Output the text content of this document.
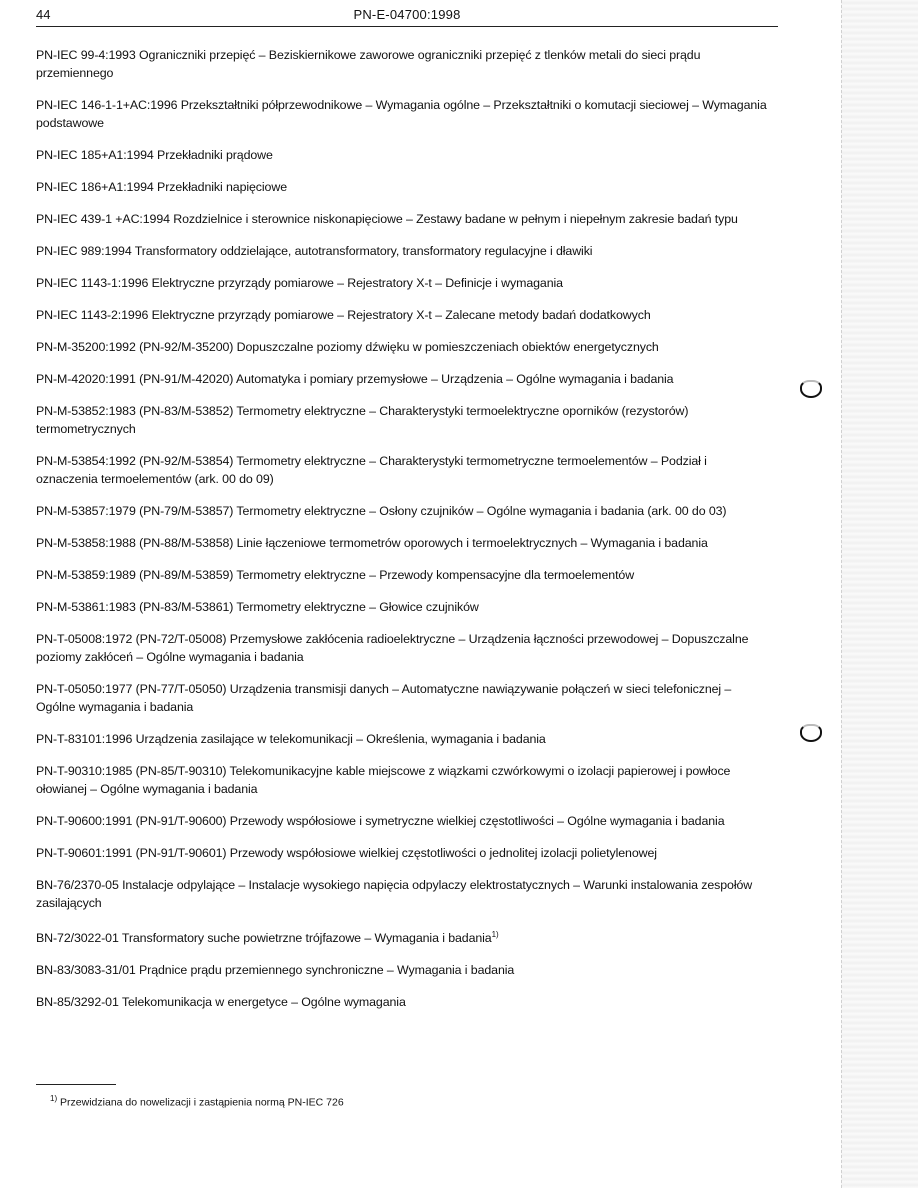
44	PN-E-04700:1998
PN-IEC 99-4:1993 Ograniczniki przepięć – Beziskiernikowe zaworowe ograniczniki przepięć z tlenków metali do sieci prądu przemiennego
PN-IEC 146-1-1+AC:1996 Przekształtniki półprzewodnikowe – Wymagania ogólne – Przekształtniki o komutacji sieciowej – Wymagania podstawowe
PN-IEC 185+A1:1994 Przekładniki prądowe
PN-IEC 186+A1:1994 Przekładniki napięciowe
PN-IEC 439-1 +AC:1994 Rozdzielnice i sterownice niskonapięciowe – Zestawy badane w pełnym i niepełnym zakresie badań typu
PN-IEC 989:1994 Transformatory oddzielające, autotransformatory, transformatory regulacyjne i dławiki
PN-IEC 1143-1:1996 Elektryczne przyrządy pomiarowe – Rejestratory X-t – Definicje i wymagania
PN-IEC 1143-2:1996 Elektryczne przyrządy pomiarowe – Rejestratory X-t – Zalecane metody badań dodatkowych
PN-M-35200:1992 (PN-92/M-35200) Dopuszczalne poziomy dźwięku w pomieszczeniach obiektów energetycznych
PN-M-42020:1991 (PN-91/M-42020) Automatyka i pomiary przemysłowe – Urządzenia – Ogólne wymagania i badania
PN-M-53852:1983 (PN-83/M-53852) Termometry elektryczne – Charakterystyki termoelektryczne oporników (rezystorów) termometrycznych
PN-M-53854:1992 (PN-92/M-53854) Termometry elektryczne – Charakterystyki termometryczne termoelementów – Podział i oznaczenia termoelementów (ark. 00 do 09)
PN-M-53857:1979 (PN-79/M-53857) Termometry elektryczne – Osłony czujników – Ogólne wymagania i badania (ark. 00 do 03)
PN-M-53858:1988 (PN-88/M-53858) Linie łączeniowe termometrów oporowych i termoelektrycznych – Wymagania i badania
PN-M-53859:1989 (PN-89/M-53859) Termometry elektryczne – Przewody kompensacyjne dla termoelementów
PN-M-53861:1983 (PN-83/M-53861) Termometry elektryczne – Głowice czujników
PN-T-05008:1972 (PN-72/T-05008) Przemysłowe zakłócenia radioelektryczne – Urządzenia łączności przewodowej – Dopuszczalne poziomy zakłóceń – Ogólne wymagania i badania
PN-T-05050:1977 (PN-77/T-05050) Urządzenia transmisji danych – Automatyczne nawiązywanie połączeń w sieci telefonicznej – Ogólne wymagania i badania
PN-T-83101:1996 Urządzenia zasilające w telekomunikacji – Określenia, wymagania i badania
PN-T-90310:1985 (PN-85/T-90310) Telekomunikacyjne kable miejscowe z wiązkami czwórkowymi o izolacji papierowej i powłoce ołowianej – Ogólne wymagania i badania
PN-T-90600:1991 (PN-91/T-90600) Przewody współosiowe i symetryczne wielkiej częstotliwości – Ogólne wymagania i badania
PN-T-90601:1991 (PN-91/T-90601) Przewody współosiowe wielkiej częstotliwości o jednolitej izolacji polietylenowej
BN-76/2370-05 Instalacje odpylające – Instalacje wysokiego napięcia odpylaczy elektrostatycznych – Warunki instalowania zespołów zasilających
BN-72/3022-01 Transformatory suche powietrzne trójfazowe – Wymagania i badania$^{1)}$
BN-83/3083-31/01 Prądnice prądu przemiennego synchroniczne – Wymagania i badania
BN-85/3292-01 Telekomunikacja w energetyce – Ogólne wymagania
$^{1)}$ Przewidziana do nowelizacji i zastąpienia normą PN-IEC 726
